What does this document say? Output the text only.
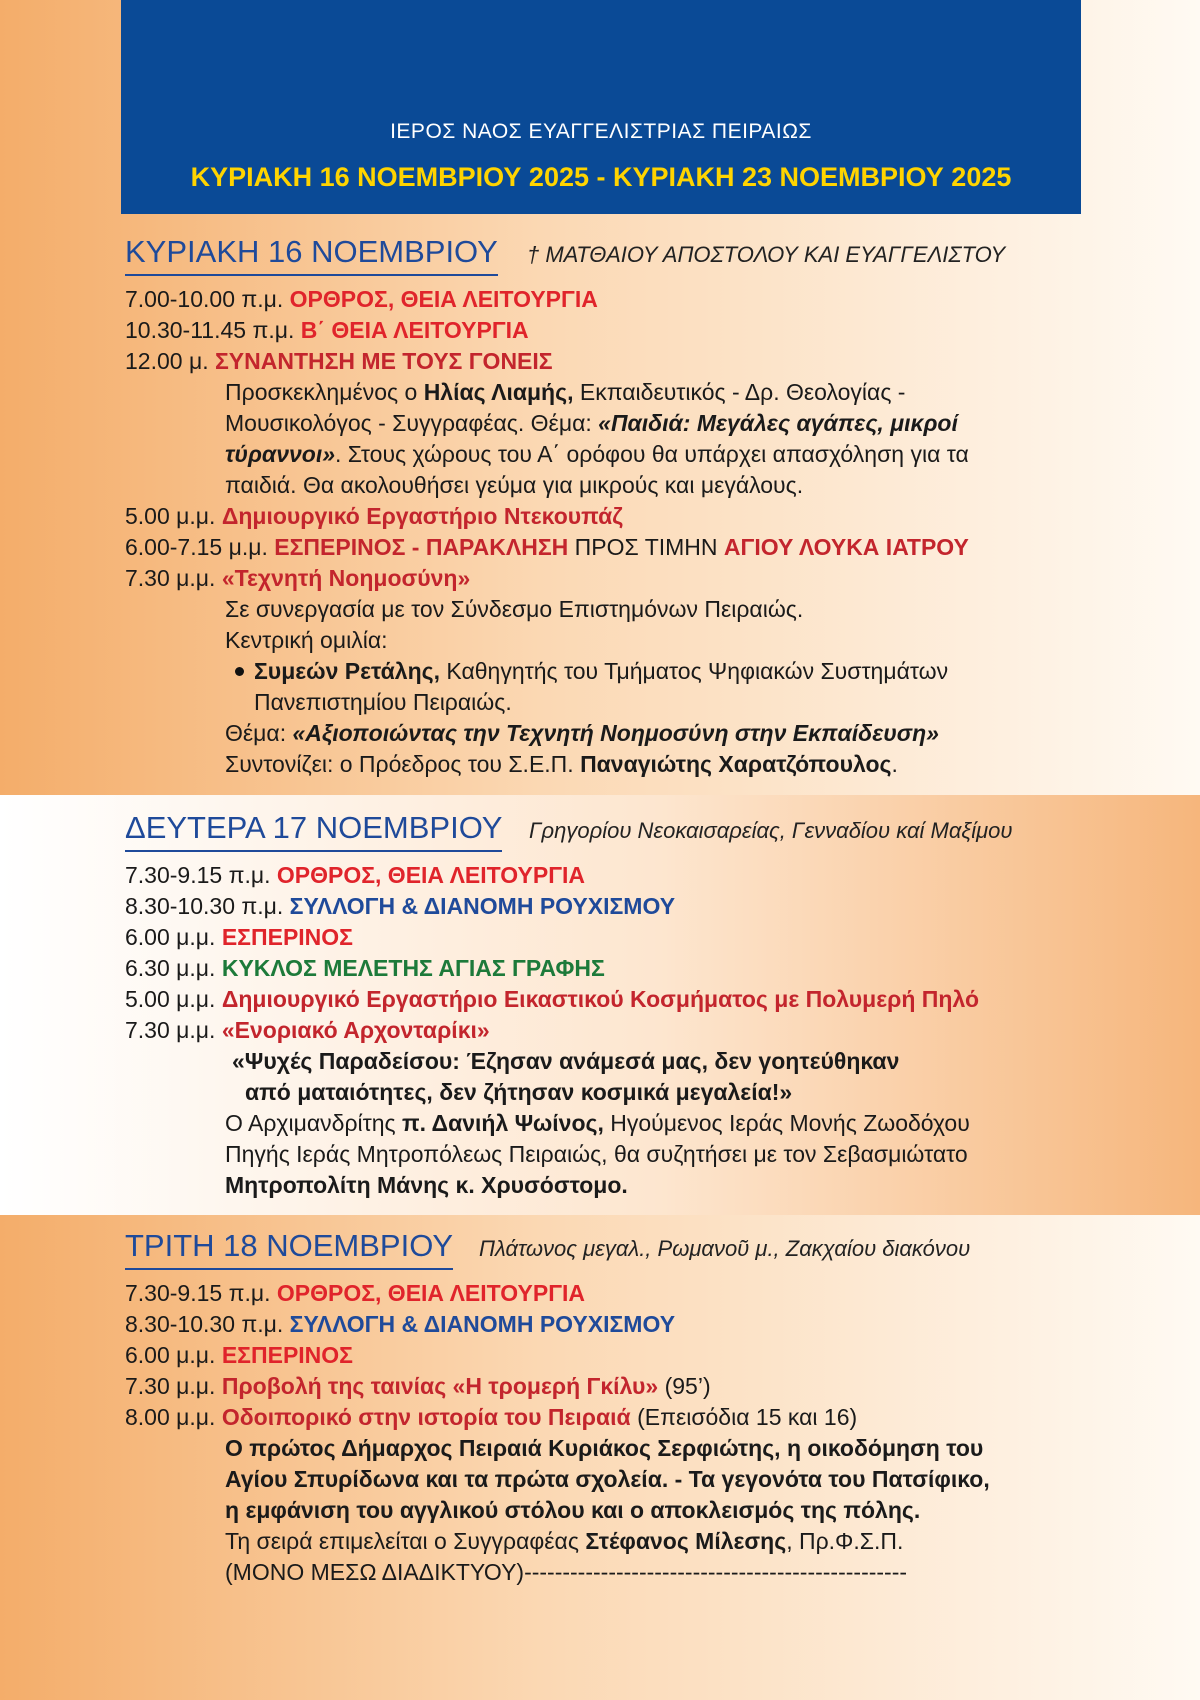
ΙΕΡΟΣ ΝΑΟΣ ΕΥΑΓΓΕΛΙΣΤΡΙΑΣ ΠΕΙΡΑΙΩΣ
ΚΥΡΙΑΚΗ 16 ΝΟΕΜΒΡΙΟΥ 2025 - ΚΥΡΙΑΚΗ 23 ΝΟΕΜΒΡΙΟΥ 2025
ΚΥΡΙΑΚΗ 16 ΝΟΕΜΒΡΙΟΥ † ΜΑΤΘΑΙΟΥ ΑΠΟΣΤΟΛΟΥ ΚΑΙ ΕΥΑΓΓΕΛΙΣΤΟΥ
7.00-10.00 π.μ. ΟΡΘΡΟΣ, ΘΕΙΑ ΛΕΙΤΟΥΡΓΙΑ
10.30-11.45 π.μ. Β΄ ΘΕΙΑ ΛΕΙΤΟΥΡΓΙΑ
12.00 μ. ΣΥΝΑΝΤΗΣΗ ΜΕ ΤΟΥΣ ΓΟΝΕΙΣ
Προσκεκλημένος ο Ηλίας Λιαμής, Εκπαιδευτικός - Δρ. Θεολογίας -
Μουσικολόγος - Συγγραφέας. Θέμα: «Παιδιά: Μεγάλες αγάπες, μικροί
τύραννοι». Στους χώρους του Α΄ ορόφου θα υπάρχει απασχόληση για τα
παιδιά. Θα ακολουθήσει γεύμα για μικρούς και μεγάλους.
5.00 μ.μ. Δημιουργικό Εργαστήριο Ντεκουπάζ
6.00-7.15 μ.μ. ΕΣΠΕΡΙΝΟΣ - ΠΑΡΑΚΛΗΣΗ ΠΡΟΣ ΤΙΜΗΝ ΑΓΙΟΥ ΛΟΥΚΑ ΙΑΤΡΟΥ
7.30 μ.μ. «Τεχνητή Νοημοσύνη»
Σε συνεργασία με τον Σύνδεσμο Επιστημόνων Πειραιώς.
Κεντρική ομιλία:
Συμεών Ρετάλης, Καθηγητής του Τμήματος Ψηφιακών Συστημάτων
Πανεπιστημίου Πειραιώς.
Θέμα: «Αξιοποιώντας την Τεχνητή Νοημοσύνη στην Εκπαίδευση»
Συντονίζει: ο Πρόεδρος του Σ.Ε.Π. Παναγιώτης Χαρατζόπουλος.
ΔΕΥΤΕΡΑ 17 ΝΟΕΜΒΡΙΟΥ Γρηγορίου Νεοκαισαρείας, Γενναδίου καί Μαξίμου
7.30-9.15 π.μ. ΟΡΘΡΟΣ, ΘΕΙΑ ΛΕΙΤΟΥΡΓΙΑ
8.30-10.30 π.μ. ΣΥΛΛΟΓΗ & ΔΙΑΝΟΜΗ ΡΟΥΧΙΣΜΟΥ
6.00 μ.μ. ΕΣΠΕΡΙΝΟΣ
6.30 μ.μ. ΚΥΚΛΟΣ ΜΕΛΕΤΗΣ ΑΓΙΑΣ ΓΡΑΦΗΣ
5.00 μ.μ. Δημιουργικό Εργαστήριο Εικαστικού Κοσμήματος με Πολυμερή Πηλό
7.30 μ.μ. «Ενοριακό Αρχονταρίκι»
«Ψυχές Παραδείσου: Έζησαν ανάμεσά μας, δεν γοητεύθηκαν
από ματαιότητες, δεν ζήτησαν κοσμικά μεγαλεία!»
Ο Αρχιμανδρίτης π. Δανιήλ Ψωίνος, Ηγούμενος Ιεράς Μονής Ζωοδόχου
Πηγής Ιεράς Μητροπόλεως Πειραιώς, θα συζητήσει με τον Σεβασμιώτατο
Μητροπολίτη Μάνης κ. Χρυσόστομο.
ΤΡΙΤΗ 18 ΝΟΕΜΒΡΙΟΥ Πλάτωνος μεγαλ., Ρωμανοῦ μ., Ζακχαίου διακόνου
7.30-9.15 π.μ. ΟΡΘΡΟΣ, ΘΕΙΑ ΛΕΙΤΟΥΡΓΙΑ
8.30-10.30 π.μ. ΣΥΛΛΟΓΗ & ΔΙΑΝΟΜΗ ΡΟΥΧΙΣΜΟΥ
6.00 μ.μ. ΕΣΠΕΡΙΝΟΣ
7.30 μ.μ. Προβολή της ταινίας «Η τρομερή Γκίλυ» (95’)
8.00 μ.μ. Οδοιπορικό στην ιστορία του Πειραιά (Επεισόδια 15 και 16)
Ο πρώτος Δήμαρχος Πειραιά Κυριάκος Σερφιώτης, η οικοδόμηση του
Αγίου Σπυρίδωνα και τα πρώτα σχολεία. - Τα γεγονότα του Πατσίφικο,
η εμφάνιση του αγγλικού στόλου και ο αποκλεισμός της πόλης.
Τη σειρά επιμελείται ο Συγγραφέας Στέφανος Μίλεσης, Πρ.Φ.Σ.Π.
(ΜΟΝΟ ΜΕΣΩ ΔΙΑΔΙΚΤΥΟΥ)--------------------------------------------------
